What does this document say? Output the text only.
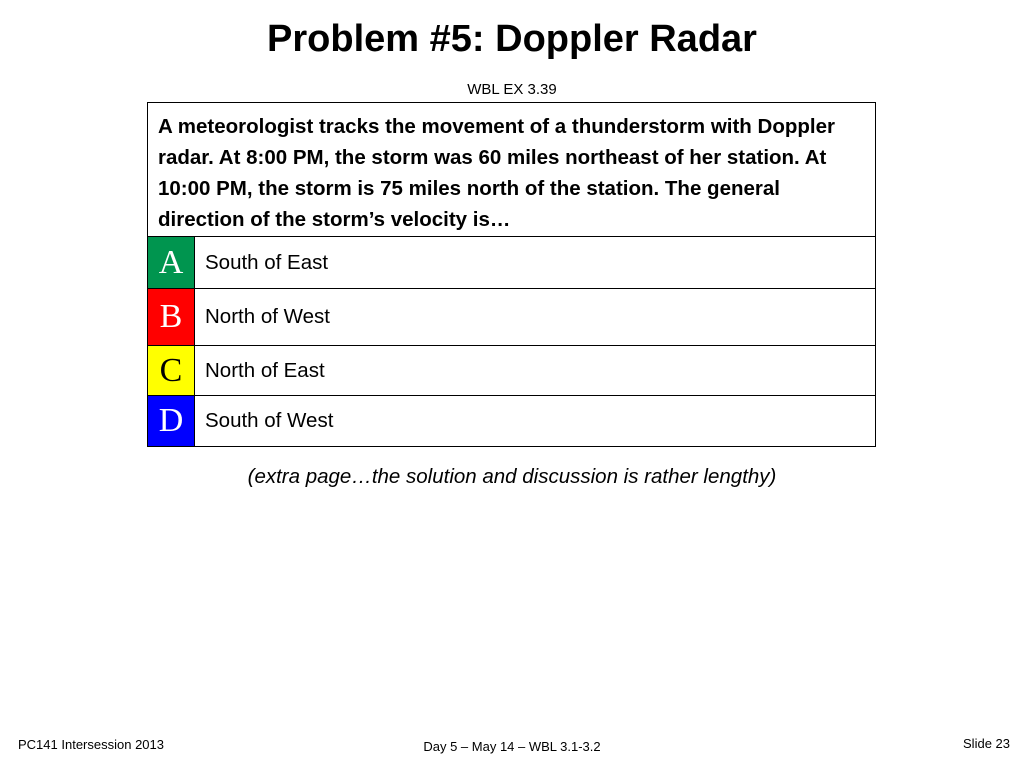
Problem #5: Doppler Radar
WBL EX 3.39
A meteorologist tracks the movement of a thunderstorm with Doppler radar. At 8:00 PM, the storm was 60 miles northeast of her station. At 10:00 PM, the storm is 75 miles north of the station. The general direction of the storm’s velocity is…
A	South of East
B	North of West
C	North of East
D	South of West
(extra page…the solution and discussion is rather lengthy)
PC141 Intersession 2013	Day 5 – May 14 – WBL 3.1-3.2	Slide 23
